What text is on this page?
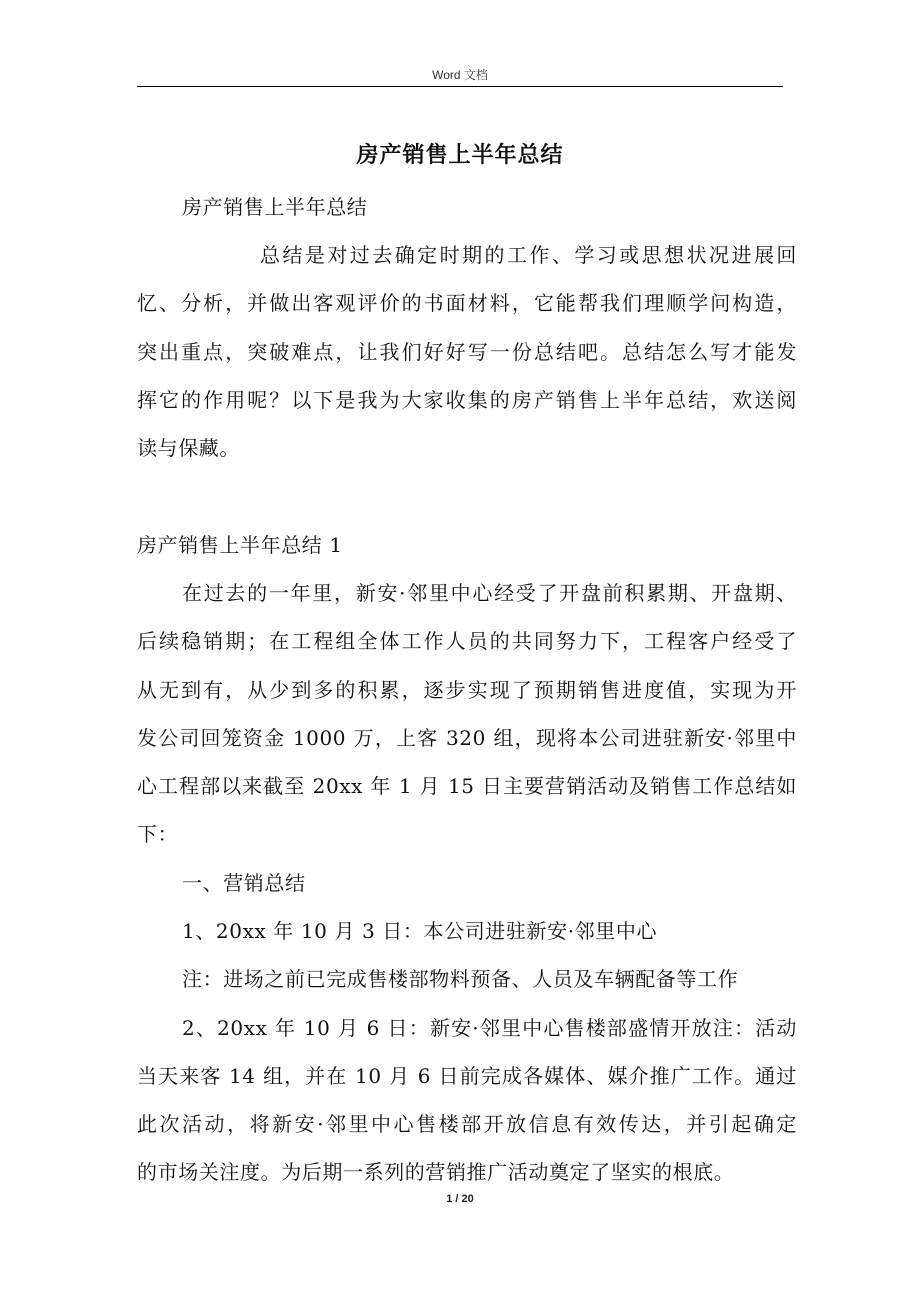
Word 文档
房产销售上半年总结
房产销售上半年总结
总结是对过去确定时期的工作、学习或思想状况进展回
忆、分析，并做出客观评价的书面材料，它能帮我们理顺学问构造，
突出重点，突破难点，让我们好好写一份总结吧。总结怎么写才能发
挥它的作用呢？以下是我为大家收集的房产销售上半年总结，欢送阅
读与保藏。
房产销售上半年总结 1
在过去的一年里，新安·邻里中心经受了开盘前积累期、开盘期、
后续稳销期；在工程组全体工作人员的共同努力下，工程客户经受了
从无到有，从少到多的积累，逐步实现了预期销售进度值，实现为开
发公司回笼资金 1000 万，上客 320 组，现将本公司进驻新安·邻里中
心工程部以来截至 20xx 年 1 月 15 日主要营销活动及销售工作总结如
下：
一、营销总结
1、20xx 年 10 月 3 日：本公司进驻新安·邻里中心
注：进场之前已完成售楼部物料预备、人员及车辆配备等工作
2、20xx 年 10 月 6 日：新安·邻里中心售楼部盛情开放注：活动
当天来客 14 组，并在 10 月 6 日前完成各媒体、媒介推广工作。通过
此次活动，将新安·邻里中心售楼部开放信息有效传达，并引起确定
的市场关注度。为后期一系列的营销推广活动奠定了坚实的根底。
1 / 20
